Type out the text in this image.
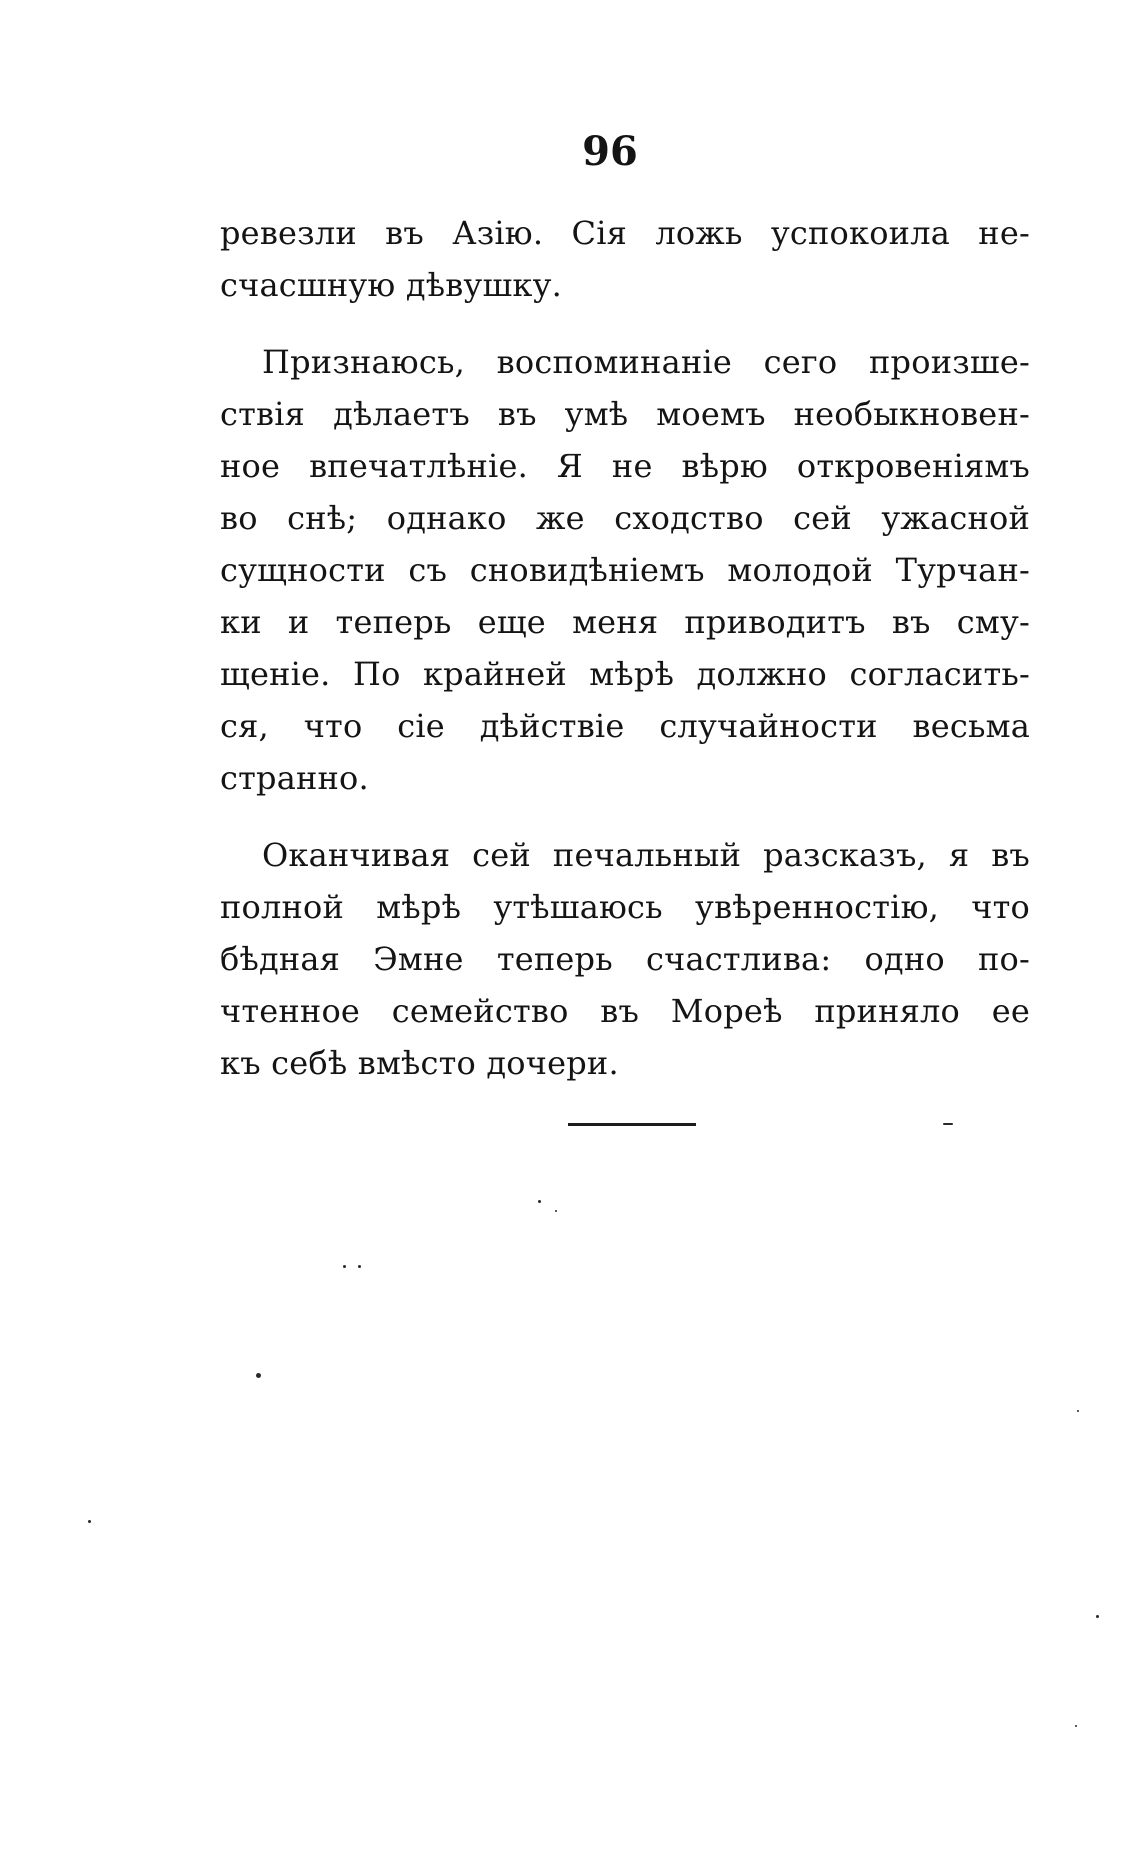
96
ревезли въ Азію. Сія ложь успокоила не-
счасшную дѣвушку.
Признаюсь, воспоминаніе сего произше-
ствія дѣлаетъ въ умѣ моемъ необыкновен-
ное впечатлѣніе. Я не вѣрю откровеніямъ
во снѣ; однако же сходство сей ужасной
сущности съ сновидѣніемъ молодой Турчан-
ки и теперь еще меня приводитъ въ сму-
щеніе. По крайней мѣрѣ должно согласить-
ся, что сіе дѣйствіе случайности весьма
странно.
Оканчивая сей печальный разсказъ, я въ
полной мѣрѣ утѣшаюсь увѣренностію, что
бѣдная Эмне теперь счастлива: одно по-
чтенное семейство въ Мореѣ приняло ее
къ себѣ вмѣсто дочери.
